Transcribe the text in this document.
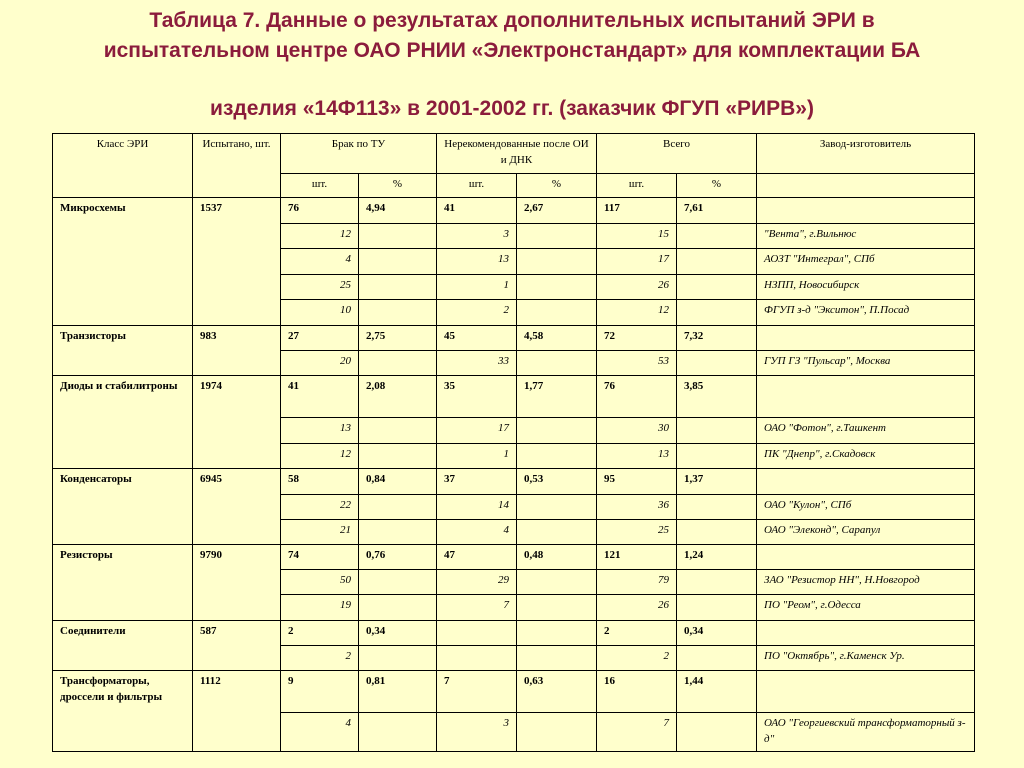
Таблица 7. Данные о результатах дополнительных испытаний ЭРИ в
испытательном центре ОАО РНИИ «Электронстандарт» для комплектации БА
изделия «14Ф113» в 2001-2002 гг. (заказчик ФГУП «РИРВ»)
Класс ЭРИ	Испытано, шт.	Брак по ТУ		Нерекомендованные после ОИ и ДНК		Всего		Завод-изготовитель
		шт.	%	шт.	%	шт.	%	
Микросхемы	1537	76	4,94	41	2,67	117	7,61	
		12		3		15		"Вента", г.Вильнюс
		4		13		17		АОЗТ "Интеграл", СПб
		25		1		26		НЗПП, Новосибирск
		10		2		12		ФГУП з-д "Экситон", П.Посад
Транзисторы	983	27	2,75	45	4,58	72	7,32	
		20		33		53		ГУП ГЗ "Пульсар", Москва
Диоды и стабилитроны	1974	41	2,08	35	1,77	76	3,85	
		13		17		30		ОАО "Фотон", г.Ташкент
		12		1		13		ПК "Днепр", г.Скадовск
Конденсаторы	6945	58	0,84	37	0,53	95	1,37	
		22		14		36		ОАО "Кулон", СПб
		21		4		25		ОАО "Элеконд", Сарапул
Резисторы	9790	74	0,76	47	0,48	121	1,24	
		50		29		79		ЗАО "Резистор НН", Н.Новгород
		19		7		26		ПО "Реом", г.Одесса
Соединители	587	2	0,34			2	0,34	
		2				2		ПО "Октябрь", г.Каменск Ур.
Трансформаторы, дроссели и фильтры	1112	9	0,81	7	0,63	16	1,44	
		4		3		7		ОАО "Георгиевский трансформаторный з-д"
